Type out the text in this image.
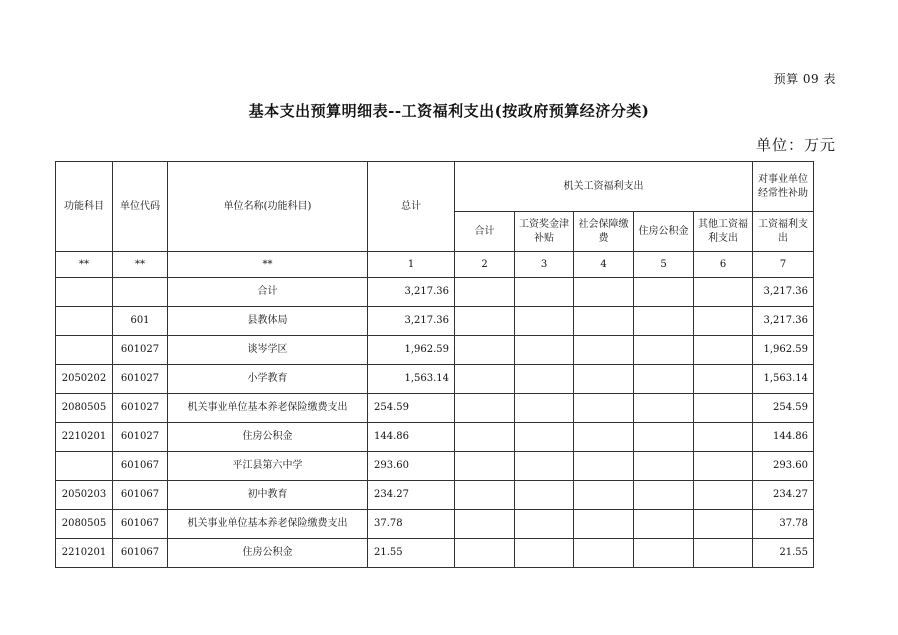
预算 09 表
基本支出预算明细表--工资福利支出(按政府预算经济分类)
单位：万元
功能科目	单位代码	单位名称(功能科目)	总计	机关工资福利支出					对事业单位经常性补助
				合计	工资奖金津补贴	社会保障缴费	住房公积金	其他工资福利支出	工资福利支出
**	**	**	1	2	3	4	5	6	7
		合计	3,217.36						3,217.36
	601	县教体局	3,217.36						3,217.36
	601027	谈岑学区	1,962.59						1,962.59
2050202	601027	小学教育	1,563.14						1,563.14
2080505	601027	机关事业单位基本养老保险缴费支出	254.59						254.59
2210201	601027	住房公积金	144.86						144.86
	601067	平江县第六中学	293.60						293.60
2050203	601067	初中教育	234.27						234.27
2080505	601067	机关事业单位基本养老保险缴费支出	37.78						37.78
2210201	601067	住房公积金	21.55						21.55
